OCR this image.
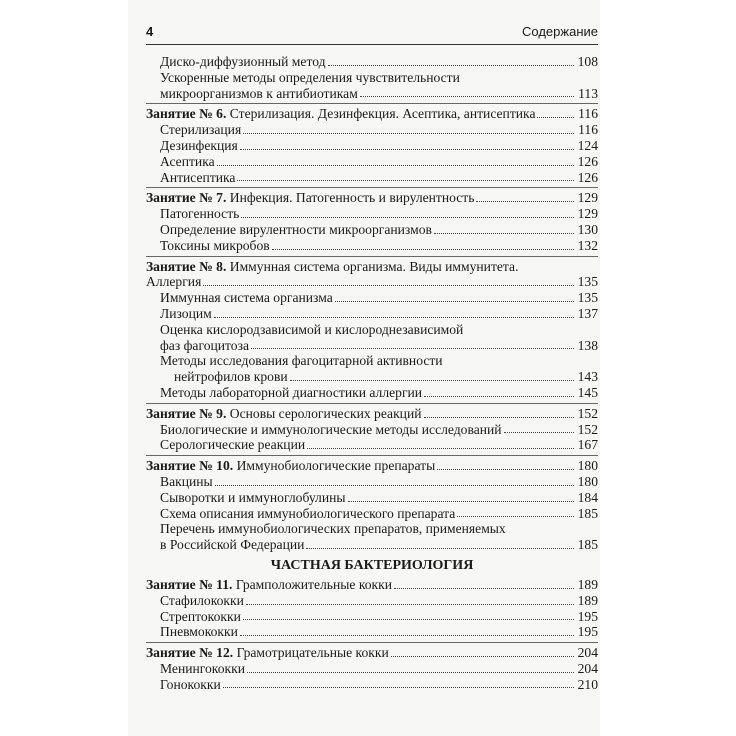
4	Содержание
Диско-диффузионный метод	108
Ускоренные методы определения чувствительности
микроорганизмов к антибиотикам	113
Занятие № 6. Стерилизация. Дезинфекция. Асептика, антисептика	116
Стерилизация	116
Дезинфекция	124
Асептика	126
Антисептика	126
Занятие № 7. Инфекция. Патогенность и вирулентность	129
Патогенность	129
Определение вирулентности микроорганизмов	130
Токсины микробов	132
Занятие № 8. Иммунная система организма. Виды иммунитета.
Аллергия	135
Иммунная система организма	135
Лизоцим	137
Оценка кислородзависимой и кислороднезависимой
фаз фагоцитоза	138
Методы исследования фагоцитарной активности
нейтрофилов крови	143
Методы лабораторной диагностики аллергии	145
Занятие № 9. Основы серологических реакций	152
Биологические и иммунологические методы исследований	152
Серологические реакции	167
Занятие № 10. Иммунобиологические препараты	180
Вакцины	180
Сыворотки и иммуноглобулины	184
Схема описания иммунобиологического препарата	185
Перечень иммунобиологических препаратов, применяемых
в Российской Федерации	185
ЧАСТНАЯ БАКТЕРИОЛОГИЯ
Занятие № 11. Грамположительные кокки	189
Стафилококки	189
Стрептококки	195
Пневмококки	195
Занятие № 12. Грамотрицательные кокки	204
Менингококки	204
Гонококки	210
